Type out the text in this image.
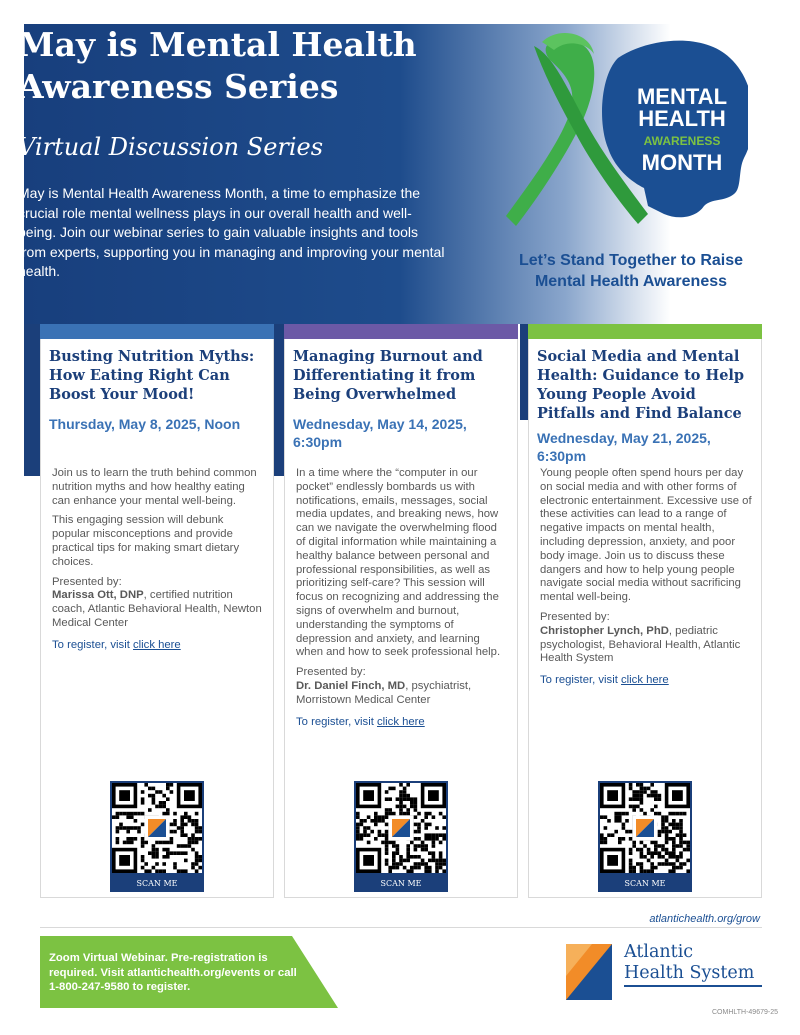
May is Mental Health Awareness Series
Virtual Discussion Series
May is Mental Health Awareness Month, a time to emphasize the crucial role mental wellness plays in our overall health and well-being. Join our webinar series to gain valuable insights and tools from experts, supporting you in managing and improving your mental health.
MENTAL
HEALTH
AWARENESS
MONTH
Let’s Stand Together to Raise Mental Health Awareness
Busting Nutrition Myths: How Eating Right Can Boost Your Mood!
Thursday, May 8, 2025, Noon

Join us to learn the truth behind common nutrition myths and how healthy eating can enhance your mental well-being.

This engaging session will debunk popular misconceptions and provide practical tips for making smart dietary choices.

Presented by:
Marissa Ott, DNP, certified nutrition coach, Atlantic Behavioral Health, Newton Medical Center
To register, visit click here
SCAN ME
Managing Burnout and Differentiating it from Being Overwhelmed
Wednesday, May 14, 2025, 6:30pm

In a time where the “computer in our pocket” endlessly bombards us with notifications, emails, messages, social media updates, and breaking news, how can we navigate the overwhelming flood of digital information while maintaining a healthy balance between personal and professional responsibilities, as well as prioritizing self-care? This session will focus on recognizing and addressing the signs of overwhelm and burnout, understanding the symptoms of depression and anxiety, and learning when and how to seek professional help.

Presented by:
Dr. Daniel Finch, MD, psychiatrist, Morristown Medical Center
To register, visit click here
SCAN ME
Social Media and Mental Health: Guidance to Help Young People Avoid Pitfalls and Find Balance
Wednesday, May 21, 2025, 6:30pm

Young people often spend hours per day on social media and with other forms of electronic entertainment. Excessive use of these activities can lead to a range of negative impacts on mental health, including depression, anxiety, and poor body image. Join us to discuss these dangers and how to help young people navigate social media without sacrificing mental well-being.

Presented by:
Christopher Lynch, PhD, pediatric psychologist, Behavioral Health, Atlantic Health System
To register, visit click here
SCAN ME
atlantichealth.org/grow
Zoom Virtual Webinar. Pre-registration is required. Visit atlantichealth.org/events or call 1-800-247-9580 to register.
Atlantic
Health System
COMHLTH-49679-25
